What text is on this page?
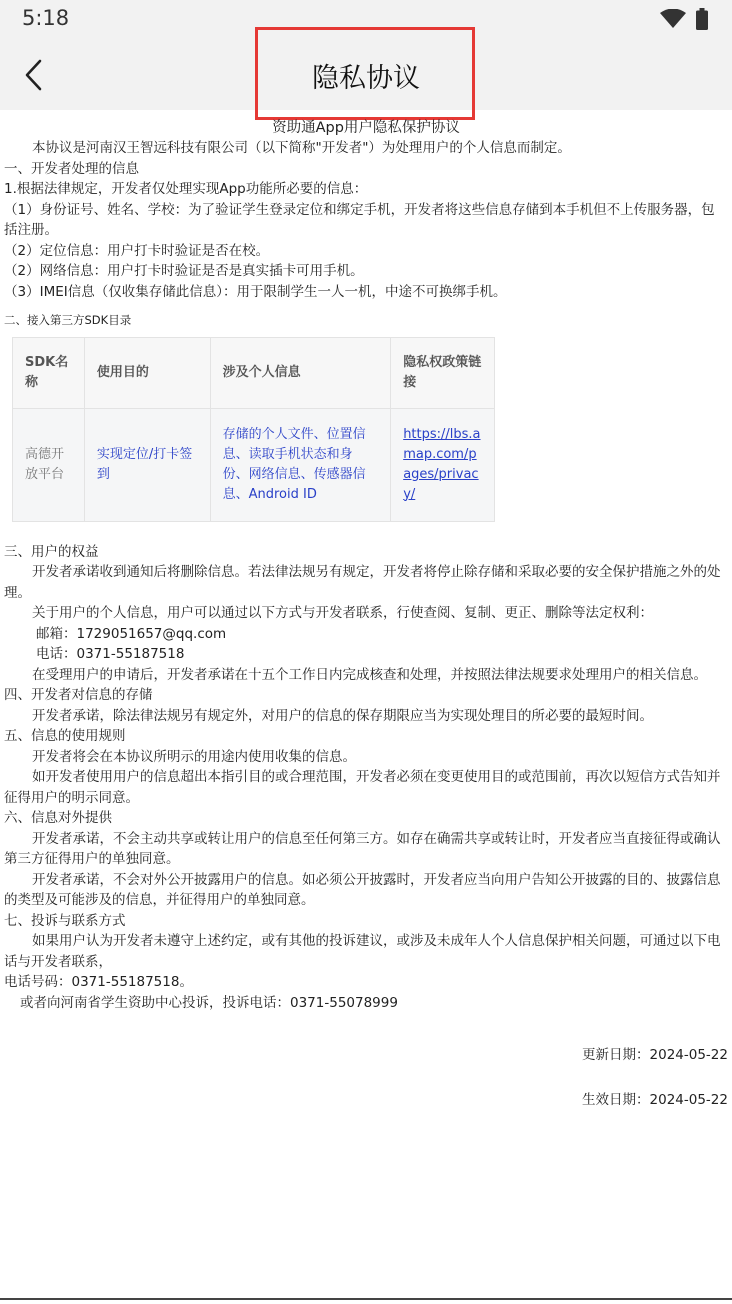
5:18
隐私协议
资助通App用户隐私保护协议
本协议是河南汉王智远科技有限公司（以下简称"开发者"）为处理用户的个人信息而制定。
一、开发者处理的信息
1.根据法律规定，开发者仅处理实现App功能所必要的信息：
（1）身份证号、姓名、学校：为了验证学生登录定位和绑定手机，开发者将这些信息存储到本手机但不上传服务器，包括注册。
（2）定位信息：用户打卡时验证是否在校。
（2）网络信息：用户打卡时验证是否是真实插卡可用手机。
（3）IMEI信息（仅收集存储此信息）：用于限制学生一人一机，中途不可换绑手机。
二、接入第三方SDK目录
SDK名称	使用目的	涉及个人信息	隐私权政策链接
高德开放平台	实现定位/打卡签到	存储的个人文件、位置信息、读取手机状态和身份、网络信息、传感器信息、Android ID	https://lbs.amap.com/pages/privacy/
三、用户的权益
开发者承诺收到通知后将删除信息。若法律法规另有规定，开发者将停止除存储和采取必要的安全保护措施之外的处理。
关于用户的个人信息，用户可以通过以下方式与开发者联系，行使查阅、复制、更正、删除等法定权利：
邮箱：1729051657@qq.com
电话：0371-55187518
在受理用户的申请后，开发者承诺在十五个工作日内完成核查和处理，并按照法律法规要求处理用户的相关信息。
四、开发者对信息的存储
开发者承诺，除法律法规另有规定外，对用户的信息的保存期限应当为实现处理目的所必要的最短时间。
五、信息的使用规则
开发者将会在本协议所明示的用途内使用收集的信息。
如开发者使用用户的信息超出本指引目的或合理范围，开发者必须在变更使用目的或范围前，再次以短信方式告知并征得用户的明示同意。
六、信息对外提供
开发者承诺，不会主动共享或转让用户的信息至任何第三方。如存在确需共享或转让时，开发者应当直接征得或确认第三方征得用户的单独同意。
开发者承诺，不会对外公开披露用户的信息。如必须公开披露时，开发者应当向用户告知公开披露的目的、披露信息的类型及可能涉及的信息，并征得用户的单独同意。
七、投诉与联系方式
如果用户认为开发者未遵守上述约定，或有其他的投诉建议，或涉及未成年人个人信息保护相关问题，可通过以下电话与开发者联系，
电话号码：0371-55187518。
或者向河南省学生资助中心投诉，投诉电话：0371-55078999
更新日期：2024-05-22
生效日期：2024-05-22
